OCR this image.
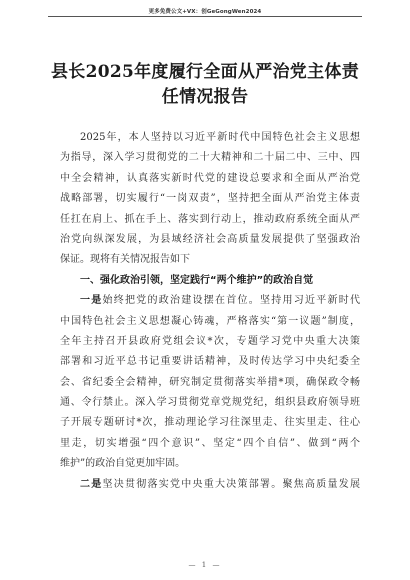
更多免费公文+VX：创GeGongWen2024
县长2025年度履行全面从严治党主体责
任情况报告
2025年，本人坚持以习近平新时代中国特色社会主义思想
为指导，深入学习贯彻党的二十大精神和二十届二中、三中、四
中全会精神，认真落实新时代党的建设总要求和全面从严治党
战略部署，切实履行“一岗双责”，坚持把全面从严治党主体责
任扛在肩上、抓在手上、落实到行动上，推动政府系统全面从严
治党向纵深发展，为县域经济社会高质量发展提供了坚强政治
保证。现将有关情况报告如下
一、强化政治引领，坚定践行“两个维护”的政治自觉
一是始终把党的政治建设摆在首位。坚持用习近平新时代
中国特色社会主义思想凝心铸魂，严格落实“第一议题”制度，
全年主持召开县政府党组会议*次，专题学习党中央重大决策
部署和习近平总书记重要讲话精神，及时传达学习中央纪委全
会、省纪委全会精神，研究制定贯彻落实举措*项，确保政令畅
通、令行禁止。深入学习贯彻党章党规党纪，组织县政府领导班
子开展专题研讨*次，推动理论学习往深里走、往实里走、往心
里走，切实增强“四个意识”、坚定“四个自信”、做到“两个
维护”的政治自觉更加牢固。
二是坚决贯彻落实党中央重大决策部署。聚焦高质量发展
— 1 —
